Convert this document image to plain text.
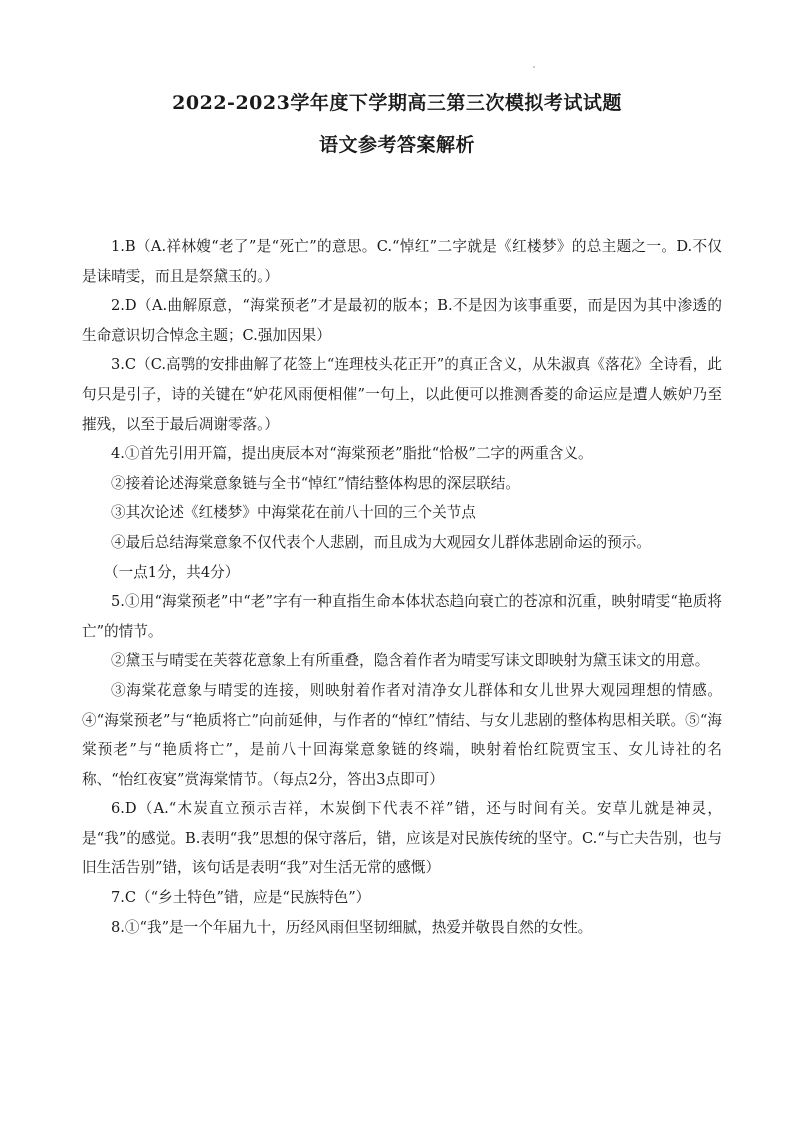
2022-2023学年度下学期高三第三次模拟考试试题
语文参考答案解析

1.B（A.祥林嫂“老了”是“死亡”的意思。C.“悼红”二字就是《红楼梦》的总主题之一。D.不仅是诔晴雯，而且是祭黛玉的。）

2.D（A.曲解原意，“海棠预老”才是最初的版本；B.不是因为该事重要，而是因为其中渗透的生命意识切合悼念主题；C.强加因果）

3.C（C.高鹗的安排曲解了花签上“连理枝头花正开”的真正含义，从朱淑真《落花》全诗看，此句只是引子，诗的关键在“妒花风雨便相催”一句上，以此便可以推测香菱的命运应是遭人嫉妒乃至摧残，以至于最后凋谢零落。）

4.①首先引用开篇，提出庚辰本对“海棠预老”脂批“恰极”二字的两重含义。

②接着论述海棠意象链与全书“悼红”情结整体构思的深层联结。

③其次论述《红楼梦》中海棠花在前八十回的三个关节点

④最后总结海棠意象不仅代表个人悲剧，而且成为大观园女儿群体悲剧命运的预示。

（一点1分，共4分）

5.①用“海棠预老”中“老”字有一种直指生命本体状态趋向衰亡的苍凉和沉重，映射晴雯“艳质将亡”的情节。

②黛玉与晴雯在芙蓉花意象上有所重叠，隐含着作者为晴雯写诔文即映射为黛玉诔文的用意。

③海棠花意象与晴雯的连接，则映射着作者对清净女儿群体和女儿世界大观园理想的情感。④“海棠预老”与“艳质将亡”向前延伸，与作者的“悼红”情结、与女儿悲剧的整体构思相关联。⑤“海棠预老”与“艳质将亡”，是前八十回海棠意象链的终端，映射着怡红院贾宝玉、女儿诗社的名称、“怡红夜宴”赏海棠情节。（每点2分，答出3点即可）

6.D（A.“木炭直立预示吉祥，木炭倒下代表不祥”错，还与时间有关。安草儿就是神灵，是“我”的感觉。B.表明“我”思想的保守落后，错，应该是对民族传统的坚守。C.“与亡夫告别，也与旧生活告别”错，该句话是表明“我”对生活无常的感慨）

7.C（“乡土特色”错，应是“民族特色”）

8.①“我”是一个年届九十，历经风雨但坚韧细腻，热爱并敬畏自然的女性。
